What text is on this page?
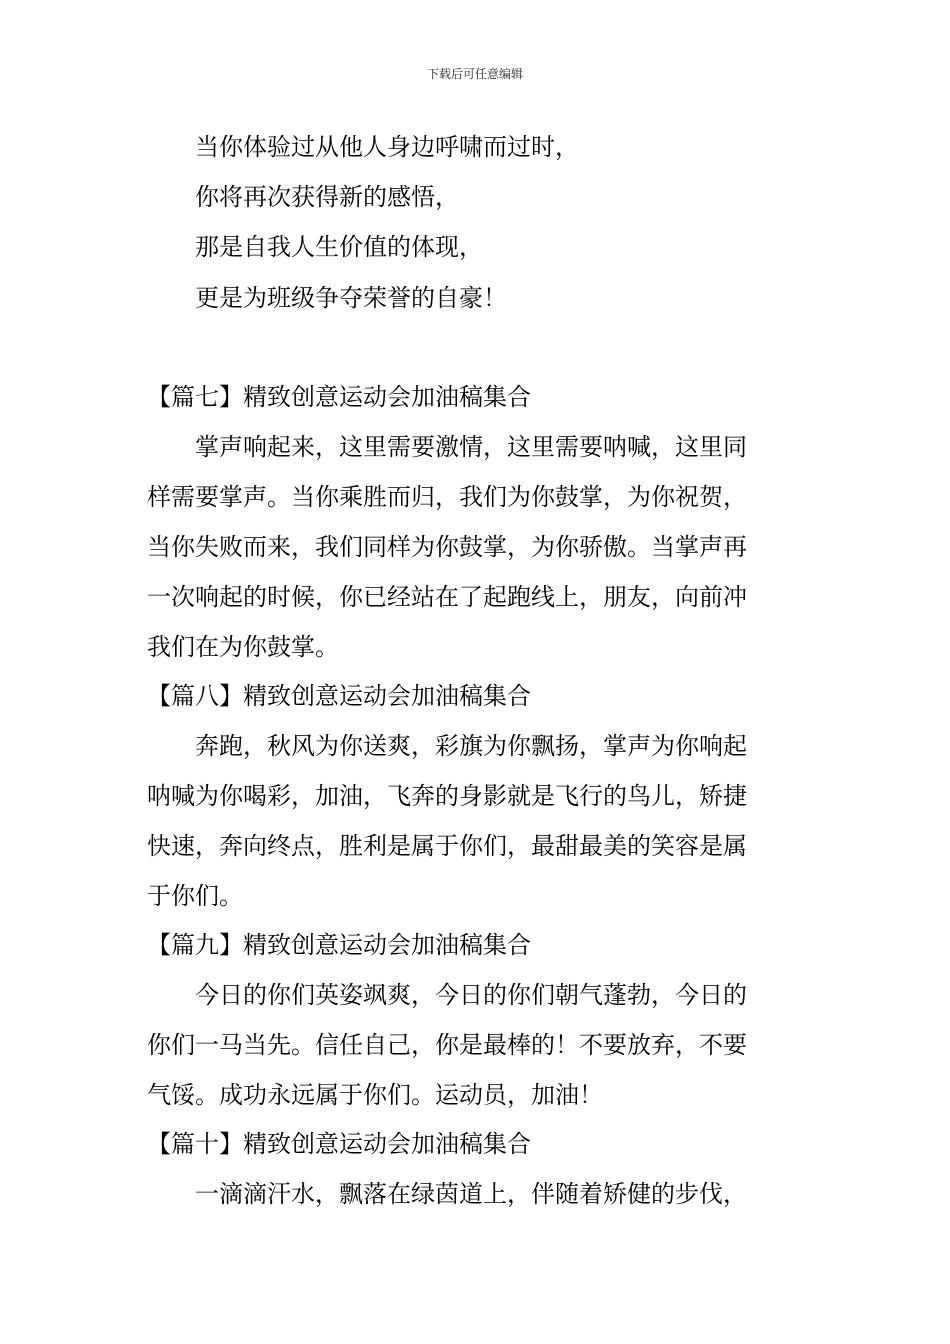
下载后可任意编辑
当你体验过从他人身边呼啸而过时，
你将再次获得新的感悟，
那是自我人生价值的体现，
更是为班级争夺荣誉的自豪！
【篇七】精致创意运动会加油稿集合
掌声响起来，这里需要激情，这里需要呐喊，这里同
样需要掌声。当你乘胜而归，我们为你鼓掌，为你祝贺，
当你失败而来，我们同样为你鼓掌，为你骄傲。当掌声再
一次响起的时候，你已经站在了起跑线上，朋友，向前冲
我们在为你鼓掌。
【篇八】精致创意运动会加油稿集合
奔跑，秋风为你送爽，彩旗为你飘扬，掌声为你响起
呐喊为你喝彩，加油，飞奔的身影就是飞行的鸟儿，矫捷
快速，奔向终点，胜利是属于你们，最甜最美的笑容是属
于你们。
【篇九】精致创意运动会加油稿集合
今日的你们英姿飒爽，今日的你们朝气蓬勃，今日的
你们一马当先。信任自己，你是最棒的！不要放弃，不要
气馁。成功永远属于你们。运动员，加油！
【篇十】精致创意运动会加油稿集合
一滴滴汗水，飘落在绿茵道上，伴随着矫健的步伐，
